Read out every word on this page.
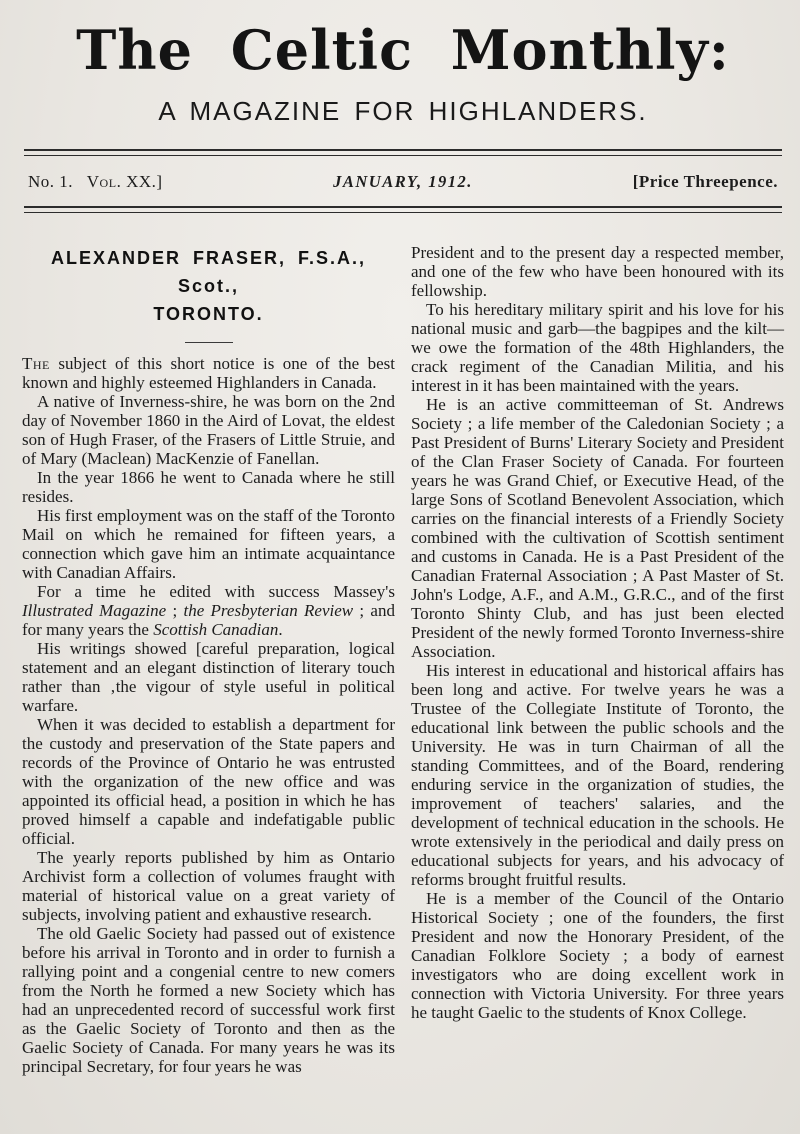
The Celtic Monthly:
A MAGAZINE FOR HIGHLANDERS.
No. 1.  Vol. XX.]	JANUARY, 1912.	[Price Threepence.
ALEXANDER FRASER, F.S.A., Scot.,
TORONTO.

The subject of this short notice is one of the best known and highly esteemed Highlanders in Canada.

A native of Inverness-shire, he was born on the 2nd day of November 1860 in the Aird of Lovat, the eldest son of Hugh Fraser, of the Frasers of Little Struie, and of Mary (Maclean) MacKenzie of Fanellan.

In the year 1866 he went to Canada where he still resides.

His first employment was on the staff of the Toronto Mail on which he remained for fifteen years, a connection which gave him an intimate acquaintance with Canadian Affairs.

For a time he edited with success Massey's Illustrated Magazine ; the Presbyterian Review ; and for many years the Scottish Canadian.

His writings showed [careful preparation, logical statement and an elegant distinction of literary touch rather than ‚the vigour of style useful in political warfare.

When it was decided to establish a department for the custody and preservation of the State papers and records of the Province of Ontario he was entrusted with the organization of the new office and was appointed its official head, a position in which he has proved himself a capable and indefatigable public official.

The yearly reports published by him as Ontario Archivist form a collection of volumes fraught with material of historical value on a great variety of subjects, involving patient and exhaustive research.

The old Gaelic Society had passed out of existence before his arrival in Toronto and in order to furnish a rallying point and a congenial centre to new comers from the North he formed a new Society which has had an unprecedented record of successful work first as the Gaelic Society of Toronto and then as the Gaelic Society of Canada. For many years he was its principal Secretary, for four years he was

President and to the present day a respected member, and one of the few who have been honoured with its fellowship.

To his hereditary military spirit and his love for his national music and garb—the bagpipes and the kilt—we owe the formation of the 48th Highlanders, the crack regiment of the Canadian Militia, and his interest in it has been maintained with the years.

He is an active committeeman of St. Andrews Society ; a life member of the Caledonian Society ; a Past President of Burns' Literary Society and President of the Clan Fraser Society of Canada. For fourteen years he was Grand Chief, or Executive Head, of the large Sons of Scotland Benevolent Association, which carries on the financial interests of a Friendly Society combined with the cultivation of Scottish sentiment and customs in Canada. He is a Past President of the Canadian Fraternal Association ; A Past Master of St. John's Lodge, A.F., and A.M., G.R.C., and of the first Toronto Shinty Club, and has just been elected President of the newly formed Toronto Inverness-shire Association.

His interest in educational and historical affairs has been long and active. For twelve years he was a Trustee of the Collegiate Institute of Toronto, the educational link between the public schools and the University. He was in turn Chairman of all the standing Committees, and of the Board, rendering enduring service in the organization of studies, the improvement of teachers' salaries, and the development of technical education in the schools. He wrote extensively in the periodical and daily press on educational subjects for years, and his advocacy of reforms brought fruitful results.

He is a member of the Council of the Ontario Historical Society ; one of the founders, the first President and now the Honorary President, of the Canadian Folklore Society ; a body of earnest investigators who are doing excellent work in connection with Victoria University. For three years he taught Gaelic to the students of Knox College.
